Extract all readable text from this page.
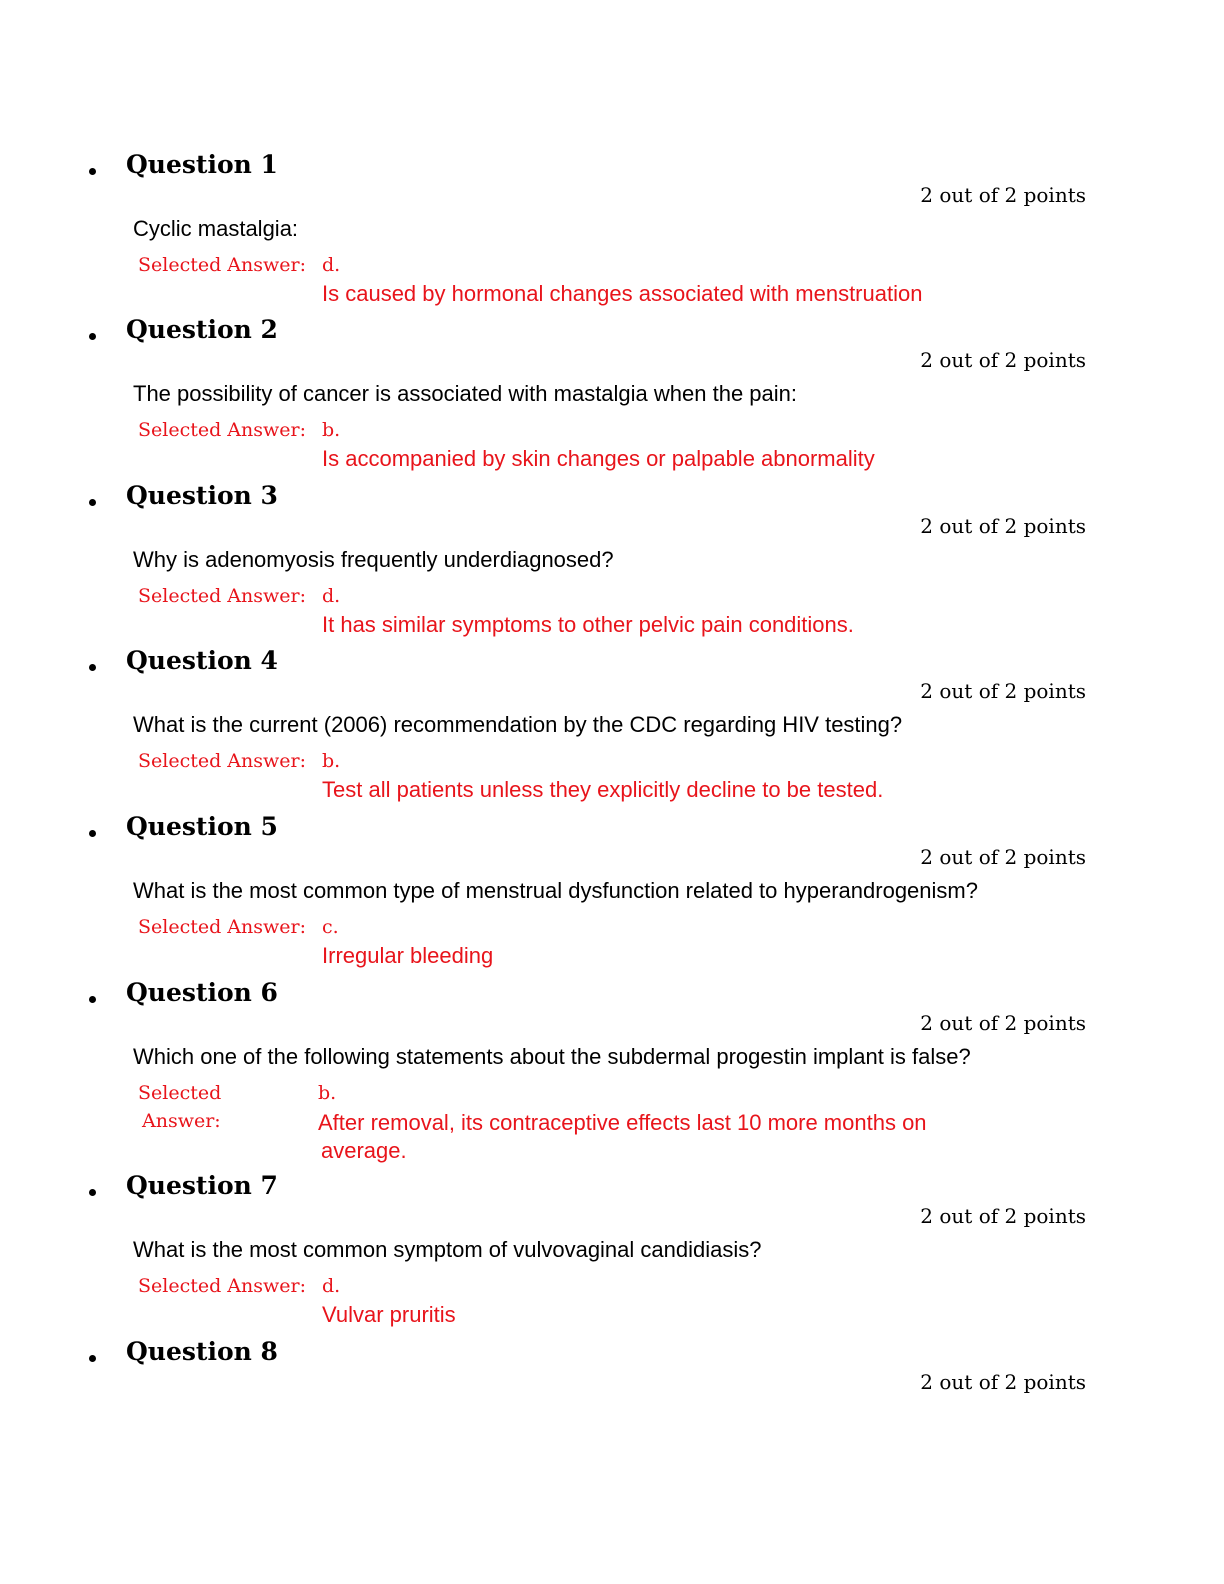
Question 1
2 out of 2 points
Cyclic mastalgia:
Selected Answer: d.
Is caused by hormonal changes associated with menstruation
Question 2
2 out of 2 points
The possibility of cancer is associated with mastalgia when the pain:
Selected Answer: b.
Is accompanied by skin changes or palpable abnormality
Question 3
2 out of 2 points
Why is adenomyosis frequently underdiagnosed?
Selected Answer: d.
It has similar symptoms to other pelvic pain conditions.
Question 4
2 out of 2 points
What is the current (2006) recommendation by the CDC regarding HIV testing?
Selected Answer: b.
Test all patients unless they explicitly decline to be tested.
Question 5
2 out of 2 points
What is the most common type of menstrual dysfunction related to hyperandrogenism?
Selected Answer: c.
Irregular bleeding
Question 6
2 out of 2 points
Which one of the following statements about the subdermal progestin implant is false?
Selected
Answer:
b.
After removal, its contraceptive effects last 10 more months on
average.
Question 7
2 out of 2 points
What is the most common symptom of vulvovaginal candidiasis?
Selected Answer: d.
Vulvar pruritis
Question 8
2 out of 2 points
